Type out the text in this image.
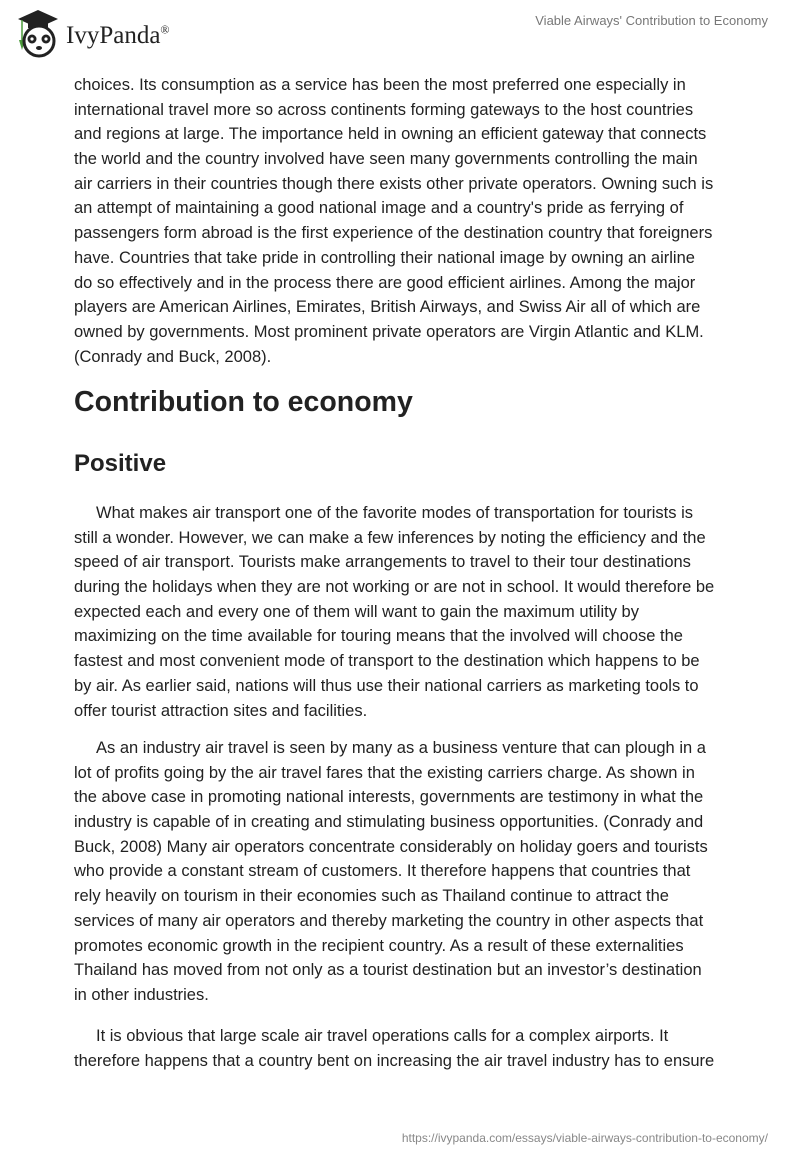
IvyPanda®
Viable Airways' Contribution to Economy
choices. Its consumption as a service has been the most preferred one especially in
international travel more so across continents forming gateways to the host countries
and regions at large. The importance held in owning an efficient gateway that connects
the world and the country involved have seen many governments controlling the main
air carriers in their countries though there exists other private operators. Owning such is
an attempt of maintaining a good national image and a country's pride as ferrying of
passengers form abroad is the first experience of the destination country that foreigners
have. Countries that take pride in controlling their national image by owning an airline
do so effectively and in the process there are good efficient airlines. Among the major
players are American Airlines, Emirates, British Airways, and Swiss Air all of which are
owned by governments. Most prominent private operators are Virgin Atlantic and KLM.
(Conrady and Buck, 2008).
Contribution to economy
Positive
What makes air transport one of the favorite modes of transportation for tourists is
still a wonder. However, we can make a few inferences by noting the efficiency and the
speed of air transport. Tourists make arrangements to travel to their tour destinations
during the holidays when they are not working or are not in school. It would therefore be
expected each and every one of them will want to gain the maximum utility by
maximizing on the time available for touring means that the involved will choose the
fastest and most convenient mode of transport to the destination which happens to be
by air. As earlier said, nations will thus use their national carriers as marketing tools to
offer tourist attraction sites and facilities.
As an industry air travel is seen by many as a business venture that can plough in a
lot of profits going by the air travel fares that the existing carriers charge. As shown in
the above case in promoting national interests, governments are testimony in what the
industry is capable of in creating and stimulating business opportunities. (Conrady and
Buck, 2008) Many air operators concentrate considerably on holiday goers and tourists
who provide a constant stream of customers. It therefore happens that countries that
rely heavily on tourism in their economies such as Thailand continue to attract the
services of many air operators and thereby marketing the country in other aspects that
promotes economic growth in the recipient country. As a result of these externalities
Thailand has moved from not only as a tourist destination but an investor’s destination
in other industries.
It is obvious that large scale air travel operations calls for a complex airports. It
therefore happens that a country bent on increasing the air travel industry has to ensure
https://ivypanda.com/essays/viable-airways-contribution-to-economy/
